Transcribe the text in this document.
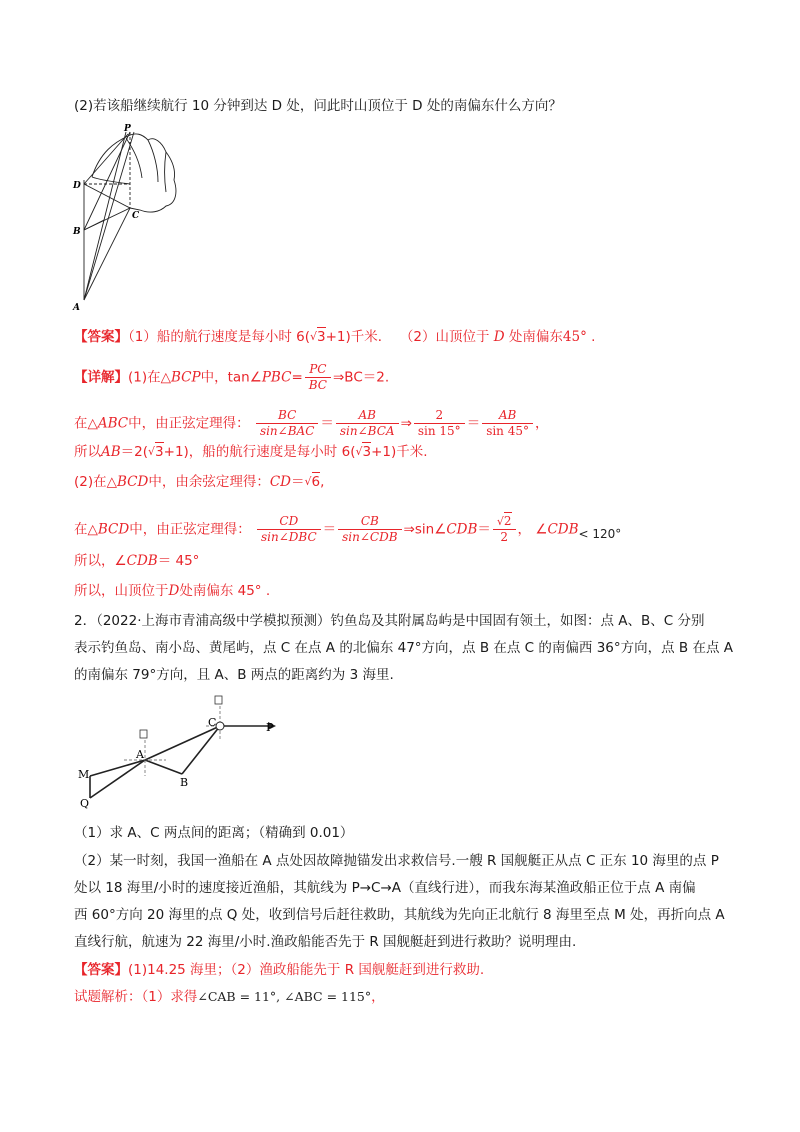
(2)若该船继续航行 10 分钟到达 D 处，问此时山顶位于 D 处的南偏东什么方向？
P
D
C
B
A
【答案】（1）船的航行速度是每小时 6(√3+1)千米． （2）山顶位于 D 处南偏东45° .
【详解】(1)在△BCP中，tan∠PBC= $\frac{PC}{BC}$ ⇒BC＝2.
在△ABC中，由正弦定理得： $\frac{BC}{\text{sin∠BAC}} = \frac{AB}{\text{sin∠BCA}}$ ⇒ $\frac{2}{\sin 15^\circ} = \frac{AB}{\sin 45^\circ}$ ，
所以AB＝2(√3+1)，船的航行速度是每小时 6(√3+1)千米.
(2)在△BCD中，由余弦定理得：CD＝√6,
在△BCD中，由正弦定理得： $\frac{CD}{\text{sin∠DBC}} = \frac{CB}{\text{sin∠CDB}}$ ⇒sin∠CDB＝ $\frac{√2}{2}$ ， ∠CDB< 120°
所以，∠CDB＝ 45°
所以，山顶位于D处南偏东 45° .
2．（2022·上海市青浦高级中学模拟预测）钓鱼岛及其附属岛屿是中国固有领土，如图：点 A、B、C 分别
表示钓鱼岛、南小岛、黄尾屿，点 C 在点 A 的北偏东 47°方向，点 B 在点 C 的南偏西 36°方向，点 B 在点 A
的南偏东 79°方向，且 A、B 两点的距离约为 3 海里.
□
C	P
A
B
M
Q
（1）求 A、C 两点间的距离；（精确到 0.01）
（2）某一时刻，我国一渔船在 A 点处因故障抛锚发出求救信号.一艘 R 国舰艇正从点 C 正东 10 海里的点 P
处以 18 海里/小时的速度接近渔船，其航线为 P→C→A（直线行进），而我东海某渔政船正位于点 A 南偏
西 60°方向 20 海里的点 Q 处，收到信号后赶往救助，其航线为先向正北航行 8 海里至点 M 处，再折向点 A
直线行航，航速为 22 海里/小时.渔政船能否先于 R 国舰艇赶到进行救助？说明理由.
【答案】(1)14.25 海里；（2）渔政船能先于 R 国舰艇赶到进行救助.
试题解析：（1）求得∠CAB = 11°, ∠ABC = 115°，
